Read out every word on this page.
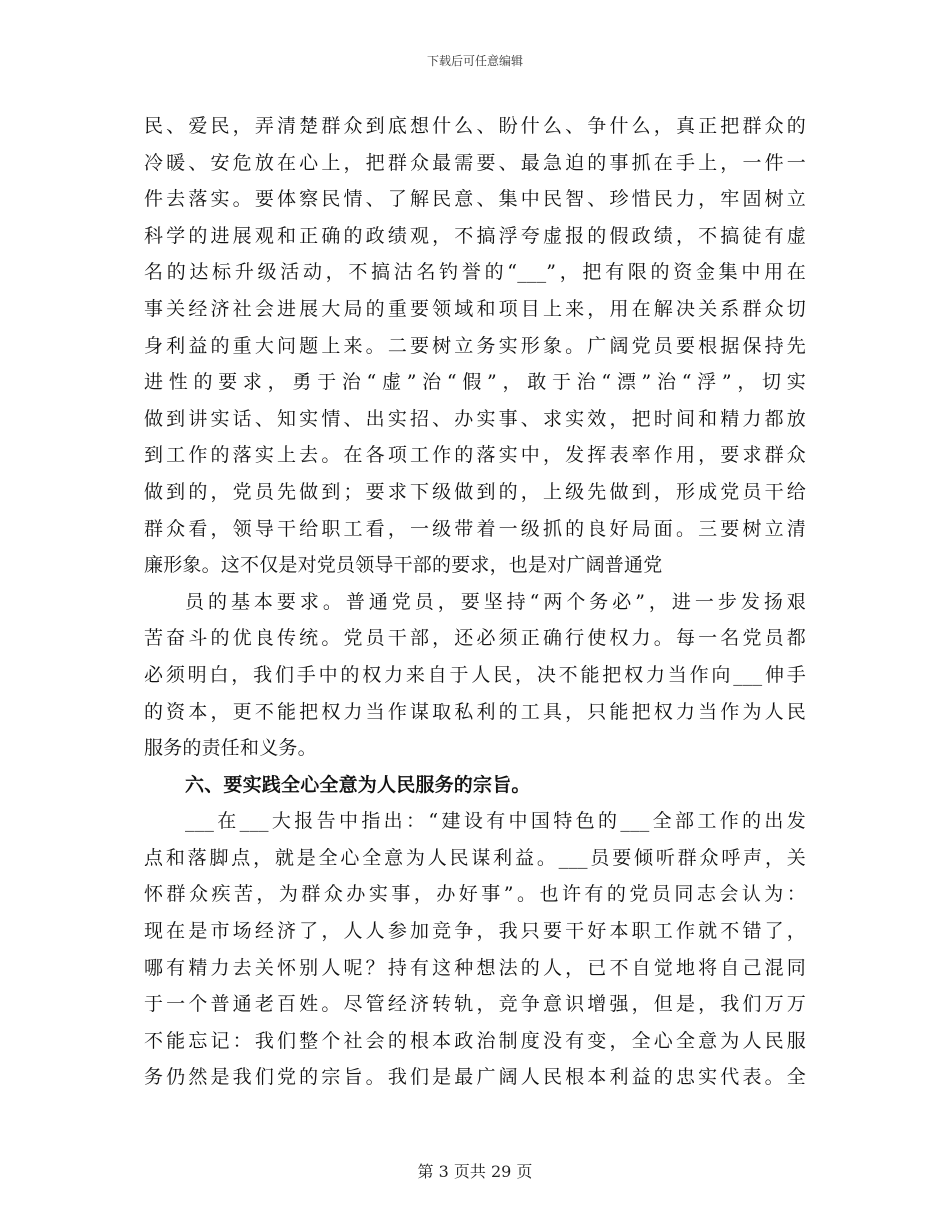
下载后可任意编辑
民、爱民，弄清楚群众到底想什么、盼什么、争什么，真正把群众的
冷暖、安危放在心上，把群众最需要、最急迫的事抓在手上，一件一
件去落实。要体察民情、了解民意、集中民智、珍惜民力，牢固树立
科学的进展观和正确的政绩观，不搞浮夸虚报的假政绩，不搞徒有虚
名的达标升级活动，不搞沽名钓誉的“___”，把有限的资金集中用在
事关经济社会进展大局的重要领域和项目上来，用在解决关系群众切
身利益的重大问题上来。二要树立务实形象。广阔党员要根据保持先
进性的要求，勇于治“虚”治“假”，敢于治“漂”治“浮”，切实
做到讲实话、知实情、出实招、办实事、求实效，把时间和精力都放
到工作的落实上去。在各项工作的落实中，发挥表率作用，要求群众
做到的，党员先做到；要求下级做到的，上级先做到，形成党员干给
群众看，领导干给职工看，一级带着一级抓的良好局面。三要树立清
廉形象。这不仅是对党员领导干部的要求，也是对广阔普通党
员的基本要求。普通党员，要坚持“两个务必”，进一步发扬艰
苦奋斗的优良传统。党员干部，还必须正确行使权力。每一名党员都
必须明白，我们手中的权力来自于人民，决不能把权力当作向___伸手
的资本，更不能把权力当作谋取私利的工具，只能把权力当作为人民
服务的责任和义务。
六、要实践全心全意为人民服务的宗旨。
___在___大报告中指出：“建设有中国特色的___全部工作的出发
点和落脚点，就是全心全意为人民谋利益。___员要倾听群众呼声，关
怀群众疾苦，为群众办实事，办好事”。也许有的党员同志会认为：
现在是市场经济了，人人参加竞争，我只要干好本职工作就不错了，
哪有精力去关怀别人呢？持有这种想法的人，已不自觉地将自己混同
于一个普通老百姓。尽管经济转轨，竞争意识增强，但是，我们万万
不能忘记：我们整个社会的根本政治制度没有变，全心全意为人民服
务仍然是我们党的宗旨。我们是最广阔人民根本利益的忠实代表。全
第 3 页共 29 页
